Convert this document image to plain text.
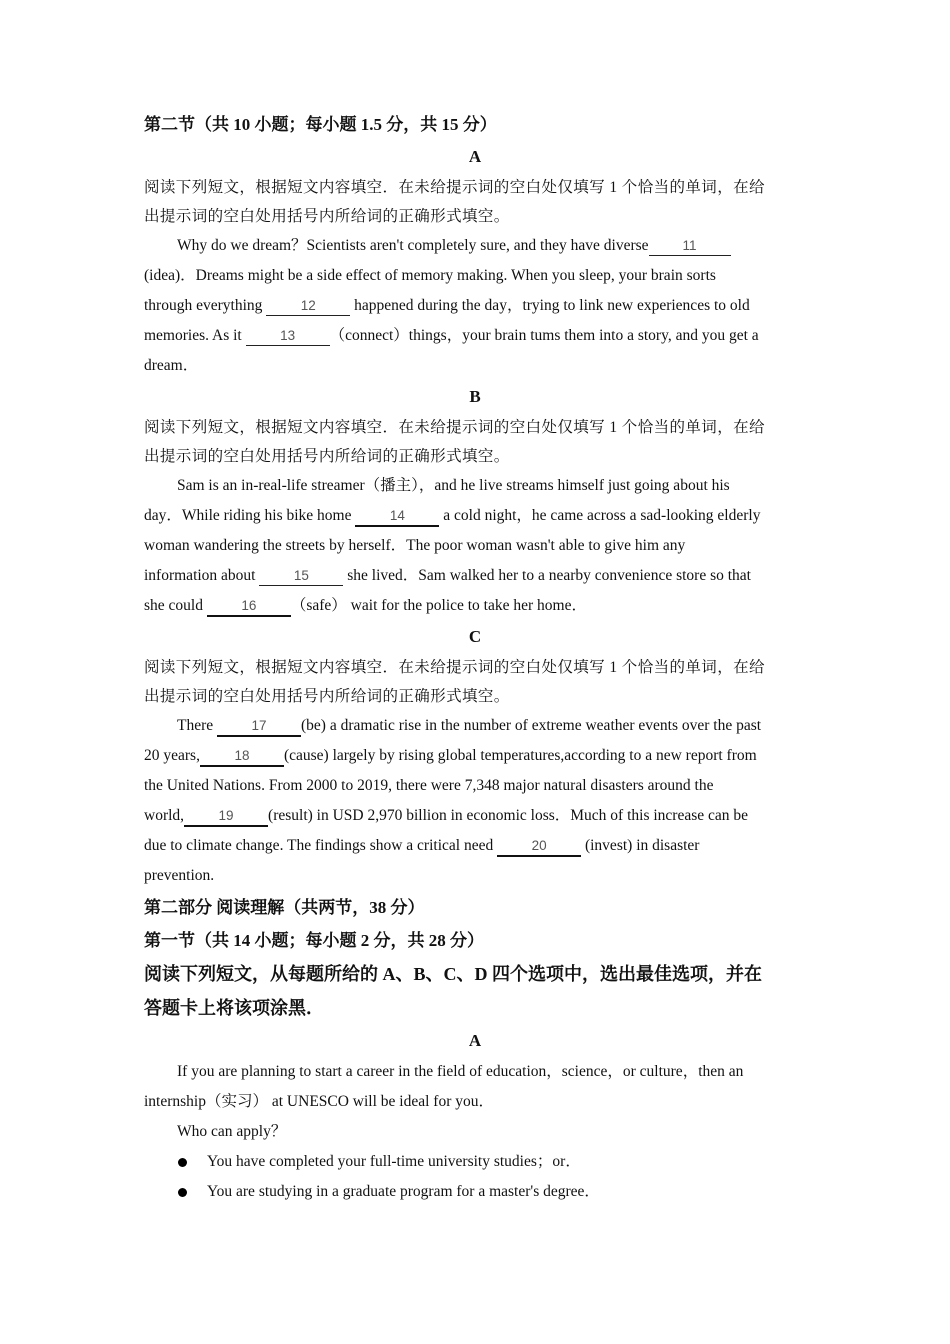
第二节（共 10 小题；每小题 1.5 分，共 15 分）
A
阅读下列短文，根据短文内容填空．在未给提示词的空白处仅填写 1 个恰当的单词，在给
出提示词的空白处用括号内所给词的正确形式填空。
Why do we dream？Scientists aren't completely sure, and they have diverse	11
(idea)．Dreams might be a side effect of memory making. When you sleep, your brain sorts
through everything	12 happened during the day，trying to link new experiences to old
memories. As it	13 （connect）things，your brain tums them into a story, and you get a
dream．
B
阅读下列短文，根据短文内容填空．在未给提示词的空白处仅填写 1 个恰当的单词，在给
出提示词的空白处用括号内所给词的正确形式填空。
Sam is an in-real-life streamer（播主），and he live streams himself just going about his
day．While riding his bike home	14 a cold night，he came across a sad-looking elderly
woman wandering the streets by herself．The poor woman wasn't able to give him any
information about	15 she lived．Sam walked her to a nearby convenience store so that
she could	16 （safe） wait for the police to take her home．
C
阅读下列短文，根据短文内容填空．在未给提示词的空白处仅填写 1 个恰当的单词，在给
出提示词的空白处用括号内所给词的正确形式填空。
There	17 (be) a dramatic rise in the number of extreme weather events over the past
20 years,	18 (cause) largely by rising global temperatures,according to a new report from
the United Nations. From 2000 to 2019, there were 7,348 major natural disasters around the
world,	19 (result) in USD 2,970 billion in economic loss．Much of this increase can be
due to climate change. The findings show a critical need	20 (invest) in disaster
prevention.
第二部分 阅读理解（共两节，38 分）
第一节（共 14 小题；每小题 2 分，共 28 分）
阅读下列短文，从每题所给的 A、B、C、D 四个选项中，选出最佳选项，并在
答题卡上将该项涂黑．
A
If you are planning to start a career in the field of education，science，or culture，then an
internship（实习） at UNESCO will be ideal for you．
Who can apply？
You have completed your full-time university studies；or．
You are studying in a graduate program for a master's degree．
